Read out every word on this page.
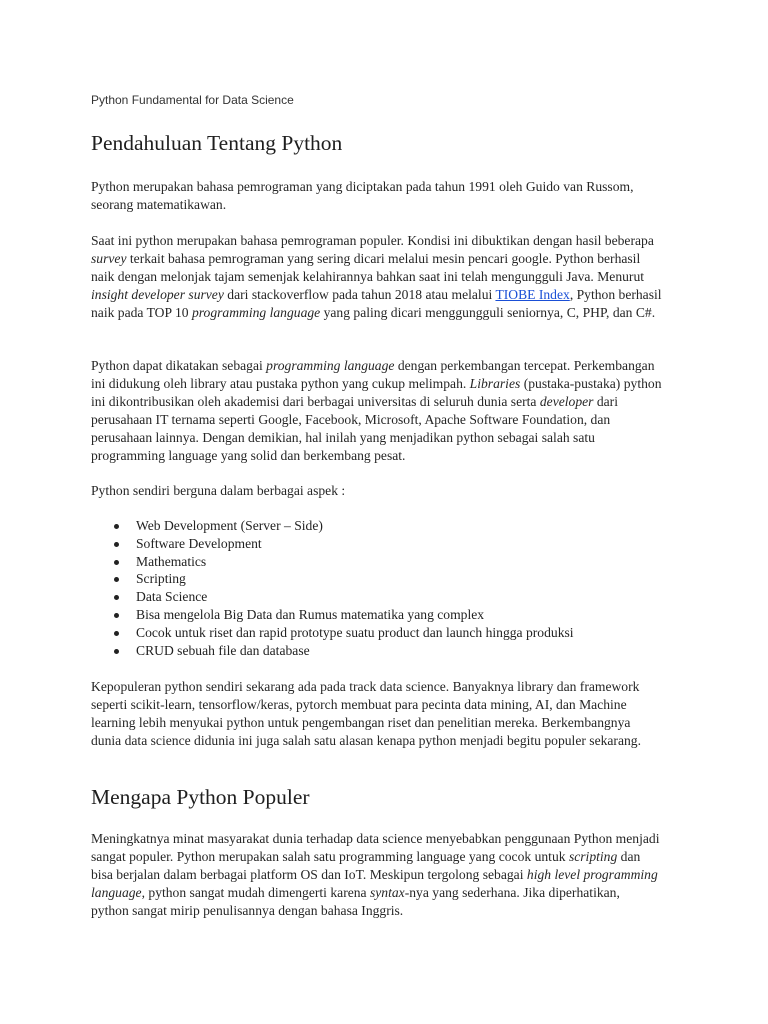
Python Fundamental for Data Science
Pendahuluan Tentang Python

Python merupakan bahasa pemrograman yang diciptakan pada tahun 1991 oleh Guido van Russom, seorang matematikawan.

Saat ini python merupakan bahasa pemrograman populer. Kondisi ini dibuktikan dengan hasil beberapa survey terkait bahasa pemrograman yang sering dicari melalui mesin pencari google. Python berhasil naik dengan melonjak tajam semenjak kelahirannya bahkan saat ini telah mengungguli Java. Menurut insight developer survey dari stackoverflow pada tahun 2018 atau melalui TIOBE Index, Python berhasil naik pada TOP 10 programming language yang paling dicari menggungguli seniornya, C, PHP, dan C#.

Python dapat dikatakan sebagai programming language dengan perkembangan tercepat. Perkembangan ini didukung oleh library atau pustaka python yang cukup melimpah. Libraries (pustaka-pustaka) python ini dikontribusikan oleh akademisi dari berbagai universitas di seluruh dunia serta developer dari perusahaan IT ternama seperti Google, Facebook, Microsoft, Apache Software Foundation, dan perusahaan lainnya. Dengan demikian, hal inilah yang menjadikan python sebagai salah satu programming language yang solid dan berkembang pesat.

Python sendiri berguna dalam berbagai aspek :

Web Development (Server – Side)
Software Development
Mathematics
Scripting
Data Science
Bisa mengelola Big Data dan Rumus matematika yang complex
Cocok untuk riset dan rapid prototype suatu product dan launch hingga produksi
CRUD sebuah file dan database

Kepopuleran python sendiri sekarang ada pada track data science. Banyaknya library dan framework seperti scikit-learn, tensorflow/keras, pytorch membuat para pecinta data mining, AI, dan Machine learning lebih menyukai python untuk pengembangan riset dan penelitian mereka. Berkembangnya dunia data science didunia ini juga salah satu alasan kenapa python menjadi begitu populer sekarang.

Mengapa Python Populer

Meningkatnya minat masyarakat dunia terhadap data science menyebabkan penggunaan Python menjadi sangat populer. Python merupakan salah satu programming language yang cocok untuk scripting dan bisa berjalan dalam berbagai platform OS dan IoT. Meskipun tergolong sebagai high level programming language, python sangat mudah dimengerti karena syntax-nya yang sederhana. Jika diperhatikan, python sangat mirip penulisannya dengan bahasa Inggris.
